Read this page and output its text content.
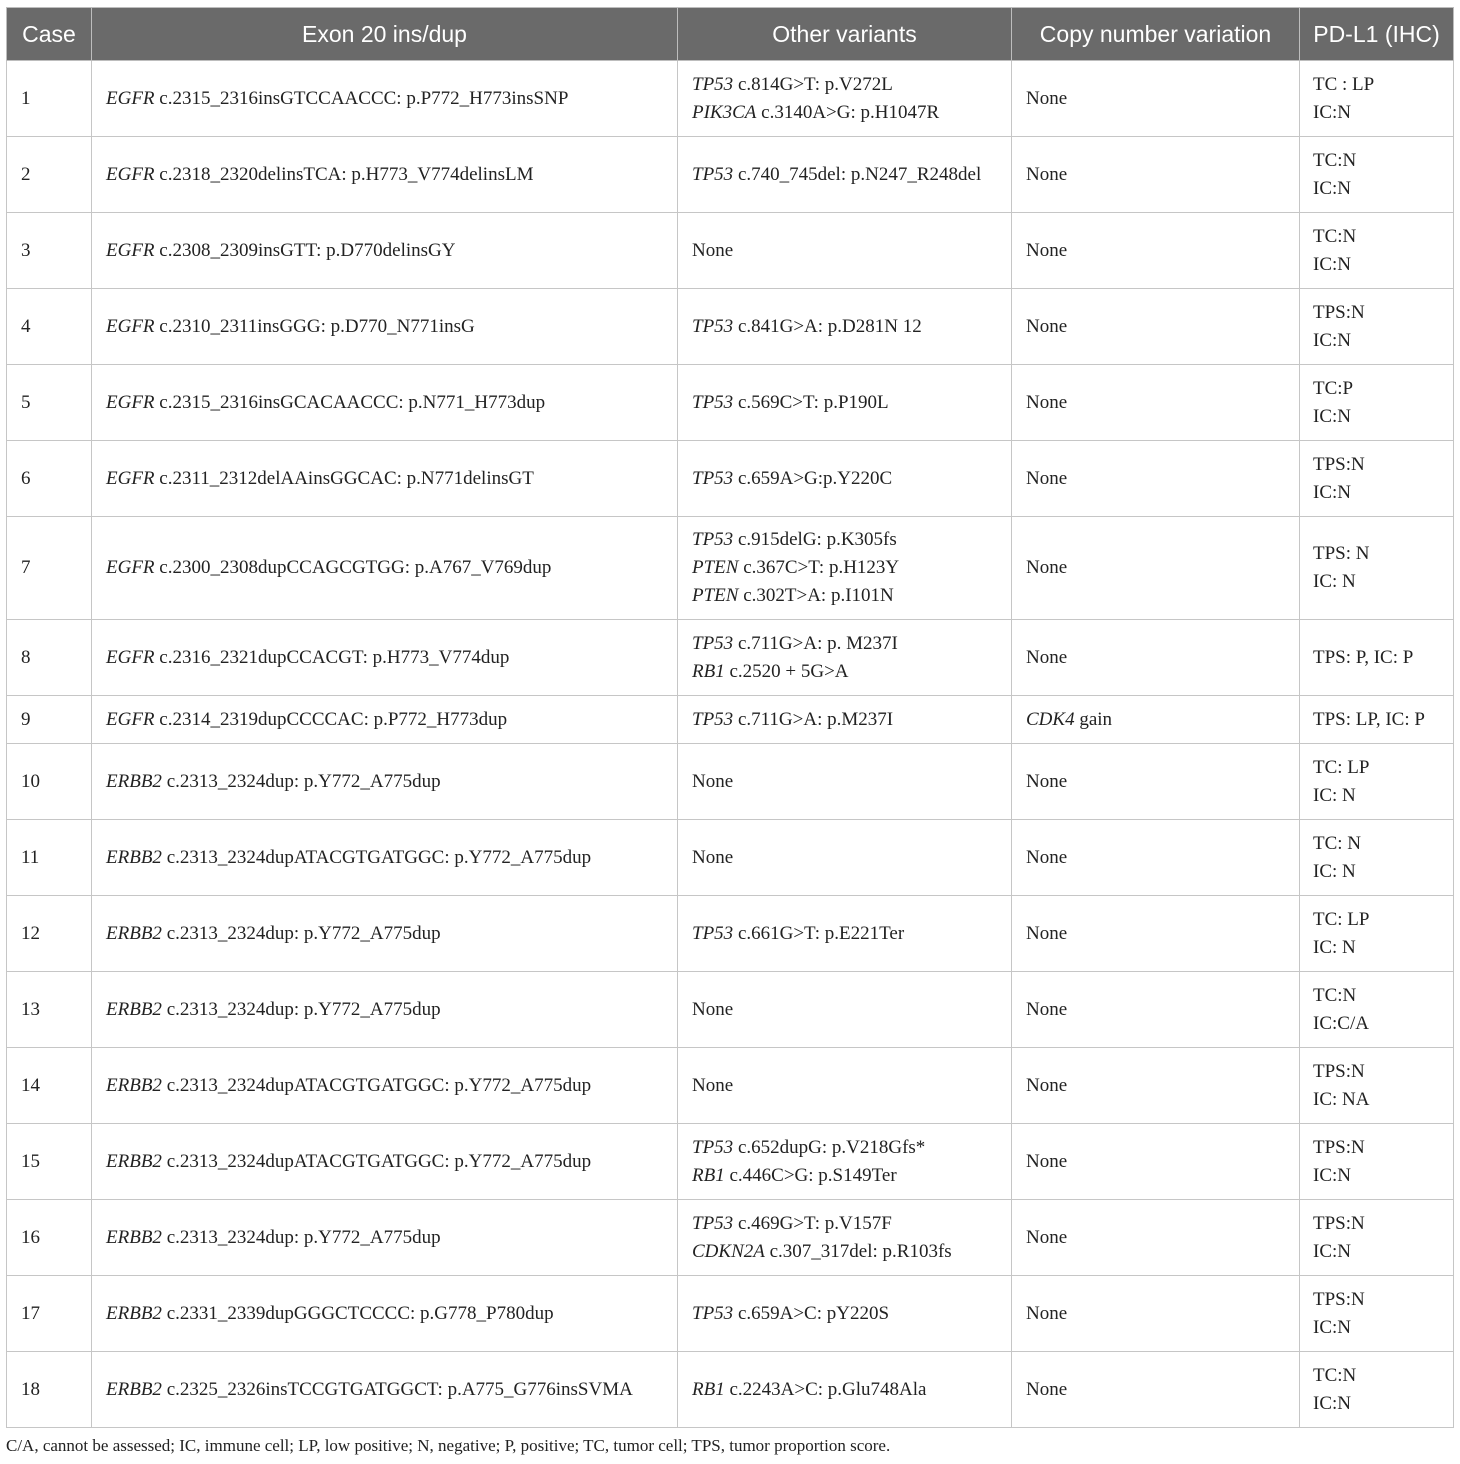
Case	Exon 20 ins/dup	Other variants	Copy number variation	PD-L1 (IHC)
1	EGFR c.2315_2316insGTCCAACCC: p.P772_H773insSNP	TP53 c.814G>T: p.V272L
PIK3CA c.3140A>G: p.H1047R	None	TC : LP
IC:N

2	EGFR c.2318_2320delinsTCA: p.H773_V774delinsLM	TP53 c.740_745del: p.N247_R248del	None	TC:N
IC:N

3	EGFR c.2308_2309insGTT: p.D770delinsGY	None	None	TC:N
IC:N

4	EGFR c.2310_2311insGGG: p.D770_N771insG	TP53 c.841G>A: p.D281N 12	None	TPS:N
IC:N

5	EGFR c.2315_2316insGCACAACCC: p.N771_H773dup	TP53 c.569C>T: p.P190L	None	TC:P
IC:N

6	EGFR c.2311_2312delAAinsGGCAC: p.N771delinsGT	TP53 c.659A>G:p.Y220C	None	TPS:N
IC:N

7	EGFR c.2300_2308dupCCAGCGTGG: p.A767_V769dup	TP53 c.915delG: p.K305fs
PTEN c.367C>T: p.H123Y
PTEN c.302T>A: p.I101N	None	TPS: N
IC: N

8	EGFR c.2316_2321dupCCACGT: p.H773_V774dup	TP53 c.711G>A: p. M237I
RB1 c.2520 + 5G>A	None	TPS: P, IC: P

9	EGFR c.2314_2319dupCCCCAC: p.P772_H773dup	TP53 c.711G>A: p.M237I	CDK4 gain	TPS: LP, IC: P

10	ERBB2 c.2313_2324dup: p.Y772_A775dup	None	None	TC: LP
IC: N

11	ERBB2 c.2313_2324dupATACGTGATGGC: p.Y772_A775dup	None	None	TC: N
IC: N

12	ERBB2 c.2313_2324dup: p.Y772_A775dup	TP53 c.661G>T: p.E221Ter	None	TC: LP
IC: N

13	ERBB2 c.2313_2324dup: p.Y772_A775dup	None	None	TC:N
IC:C/A

14	ERBB2 c.2313_2324dupATACGTGATGGC: p.Y772_A775dup	None	None	TPS:N
IC: NA

15	ERBB2 c.2313_2324dupATACGTGATGGC: p.Y772_A775dup	TP53 c.652dupG: p.V218Gfs*
RB1 c.446C>G: p.S149Ter	None	TPS:N
IC:N

16	ERBB2 c.2313_2324dup: p.Y772_A775dup	TP53 c.469G>T: p.V157F
CDKN2A c.307_317del: p.R103fs	None	TPS:N
IC:N

17	ERBB2 c.2331_2339dupGGGCTCCCC: p.G778_P780dup	TP53 c.659A>C: pY220S	None	TPS:N
IC:N

18	ERBB2 c.2325_2326insTCCGTGATGGCT: p.A775_G776insSVMA	RB1 c.2243A>C: p.Glu748Ala	None	TC:N
IC:N
C/A, cannot be assessed; IC, immune cell; LP, low positive; N, negative; P, positive; TC, tumor cell; TPS, tumor proportion score.
